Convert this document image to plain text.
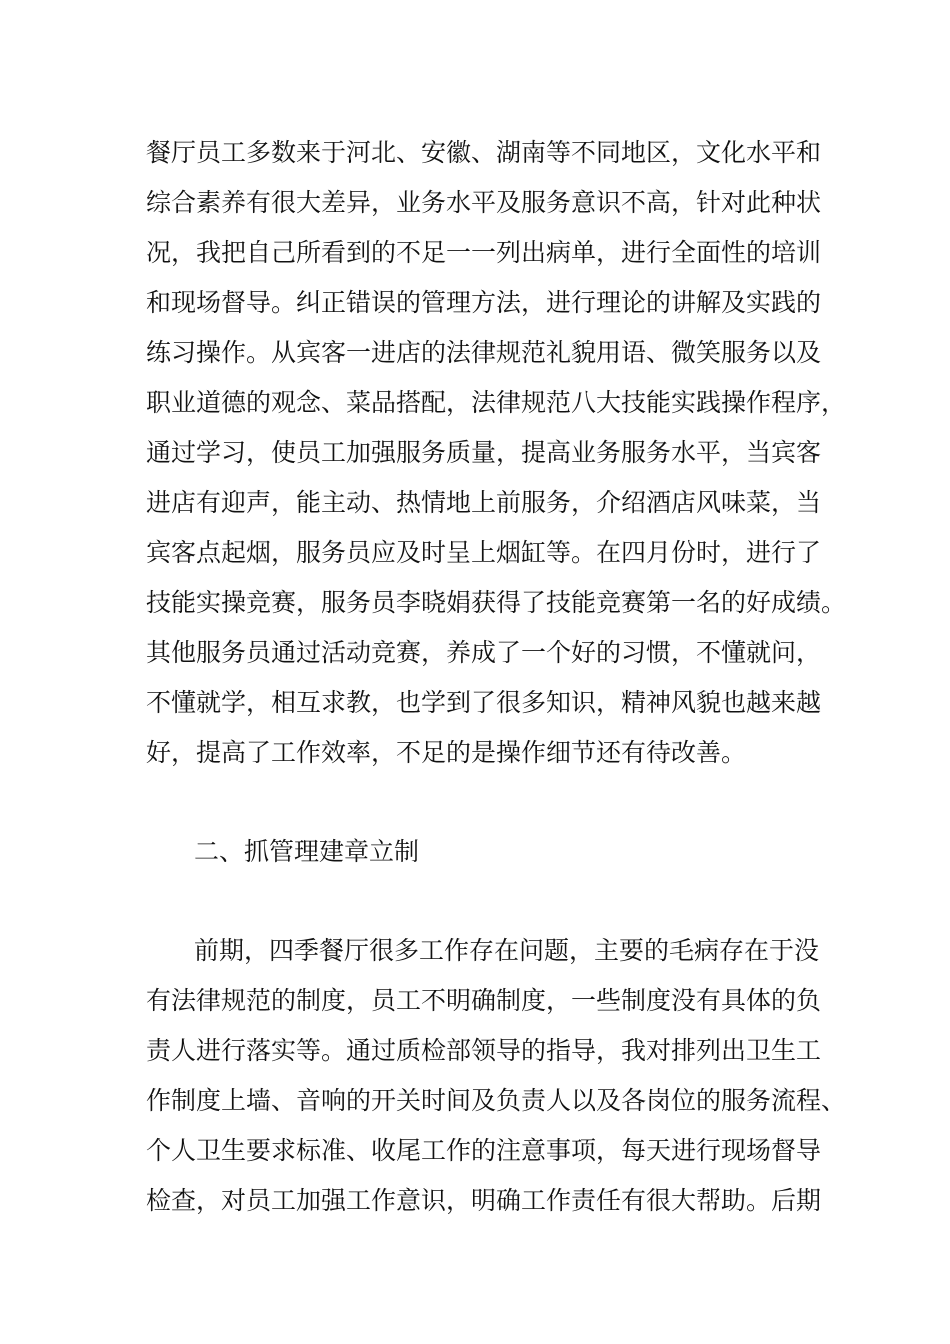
餐厅员工多数来于河北、安徽、湖南等不同地区，文化水平和
综合素养有很大差异，业务水平及服务意识不高，针对此种状
况，我把自己所看到的不足一一列出病单，进行全面性的培训
和现场督导。纠正错误的管理方法，进行理论的讲解及实践的
练习操作。从宾客一进店的法律规范礼貌用语、微笑服务以及
职业道德的观念、菜品搭配，法律规范八大技能实践操作程序，
通过学习，使员工加强服务质量，提高业务服务水平，当宾客
进店有迎声，能主动、热情地上前服务，介绍酒店风味菜，当
宾客点起烟，服务员应及时呈上烟缸等。在四月份时，进行了
技能实操竞赛，服务员李晓娟获得了技能竞赛第一名的好成绩。
其他服务员通过活动竞赛，养成了一个好的习惯，不懂就问，
不懂就学，相互求教，也学到了很多知识，精神风貌也越来越
好，提高了工作效率，不足的是操作细节还有待改善。
二、抓管理建章立制
前期，四季餐厅很多工作存在问题，主要的毛病存在于没
有法律规范的制度，员工不明确制度，一些制度没有具体的负
责人进行落实等。通过质检部领导的指导，我对排列出卫生工
作制度上墙、音响的开关时间及负责人以及各岗位的服务流程、
个人卫生要求标准、收尾工作的注意事项，每天进行现场督导
检查，对员工加强工作意识，明确工作责任有很大帮助。后期
